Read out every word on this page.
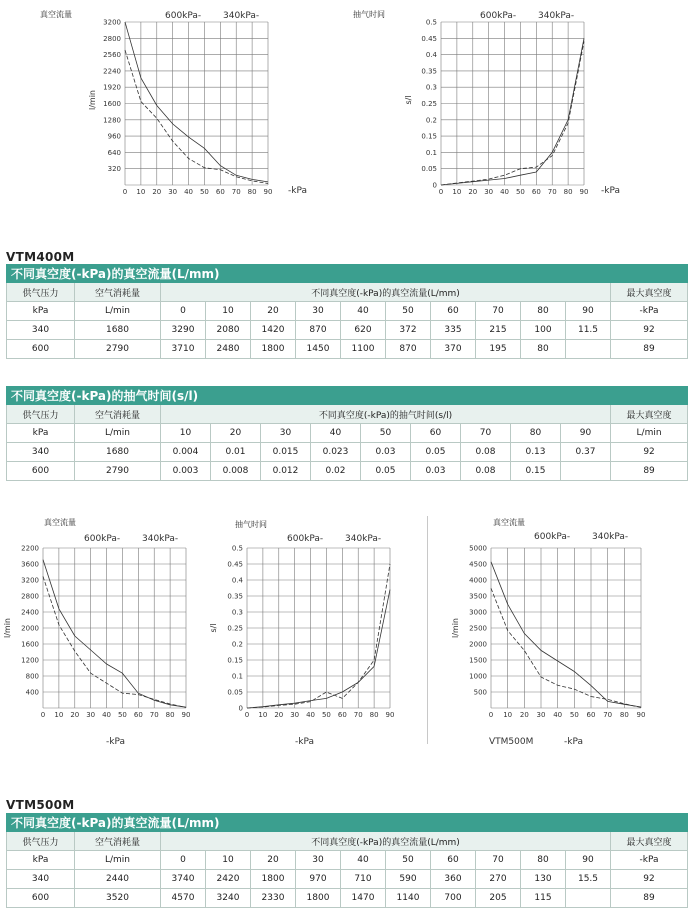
真空流量	600kPa- 340kPa-
3200
2800
2560
2240
1920
1600
1280
960
640
320
0 10 20 30 40 50 60 70 80 90
l/min
-kPa
抽气时间	600kPa- 340kPa-
0.5
0.45
0.4
0.35
0.3
0.25
0.2
0.15
0.1
0.05
0
0 10 20 30 40 50 60 70 80 90
s/l
-kPa
VTM400M
不同真空度(-kPa)的真空流量(L/mm)												
供气压力	空气消耗量	不同真空度(-kPa)的真空流量(L/mm)										最大真空度
kPa	L/min	0	10	20	30	40	50	60	70	80	90	-kPa
340	1680	3290	2080	1420	870	620	372	335	215	100	11.5	92
600	2790	3710	2480	1800	1450	1100	870	370	195	80		89
不同真空度(-kPa)的抽气时间(s/l)											
供气压力	空气消耗量	不同真空度(-kPa)的抽气时间(s/l)									最大真空度
kPa	L/min	10	20	30	40	50	60	70	80	90	L/min
340	1680	0.004	0.01	0.015	0.023	0.03	0.05	0.08	0.13	0.37	92
600	2790	0.003	0.008	0.012	0.02	0.05	0.03	0.08	0.15		89
真空流量
600kPa- 340kPa-
2200
3600
3200
2800
2400
2000
1600
1200
800
400
0 10 20 30 40 50 60 70 80 90
l/min
-kPa
抽气时间
600kPa- 340kPa-
0.5
0.45
0.4
0.35
0.3
0.25
0.2
0.15
0.1
0.05
0
0 10 20 30 40 50 60 70 80 90
s/l
-kPa
真空流量
600kPa- 340kPa-
5000
4500
4000
3500
3000
2500
2000
1500
1000
500
0 10 20 30 40 50 60 70 80 90
l/min
-kPa
VTM500M
VTM500M
不同真空度(-kPa)的真空流量(L/mm)												
供气压力	空气消耗量	不同真空度(-kPa)的真空流量(L/mm)										最大真空度
kPa	L/min	0	10	20	30	40	50	60	70	80	90	-kPa
340	2440	3740	2420	1800	970	710	590	360	270	130	15.5	92
600	3520	4570	3240	2330	1800	1470	1140	700	205	115		89
